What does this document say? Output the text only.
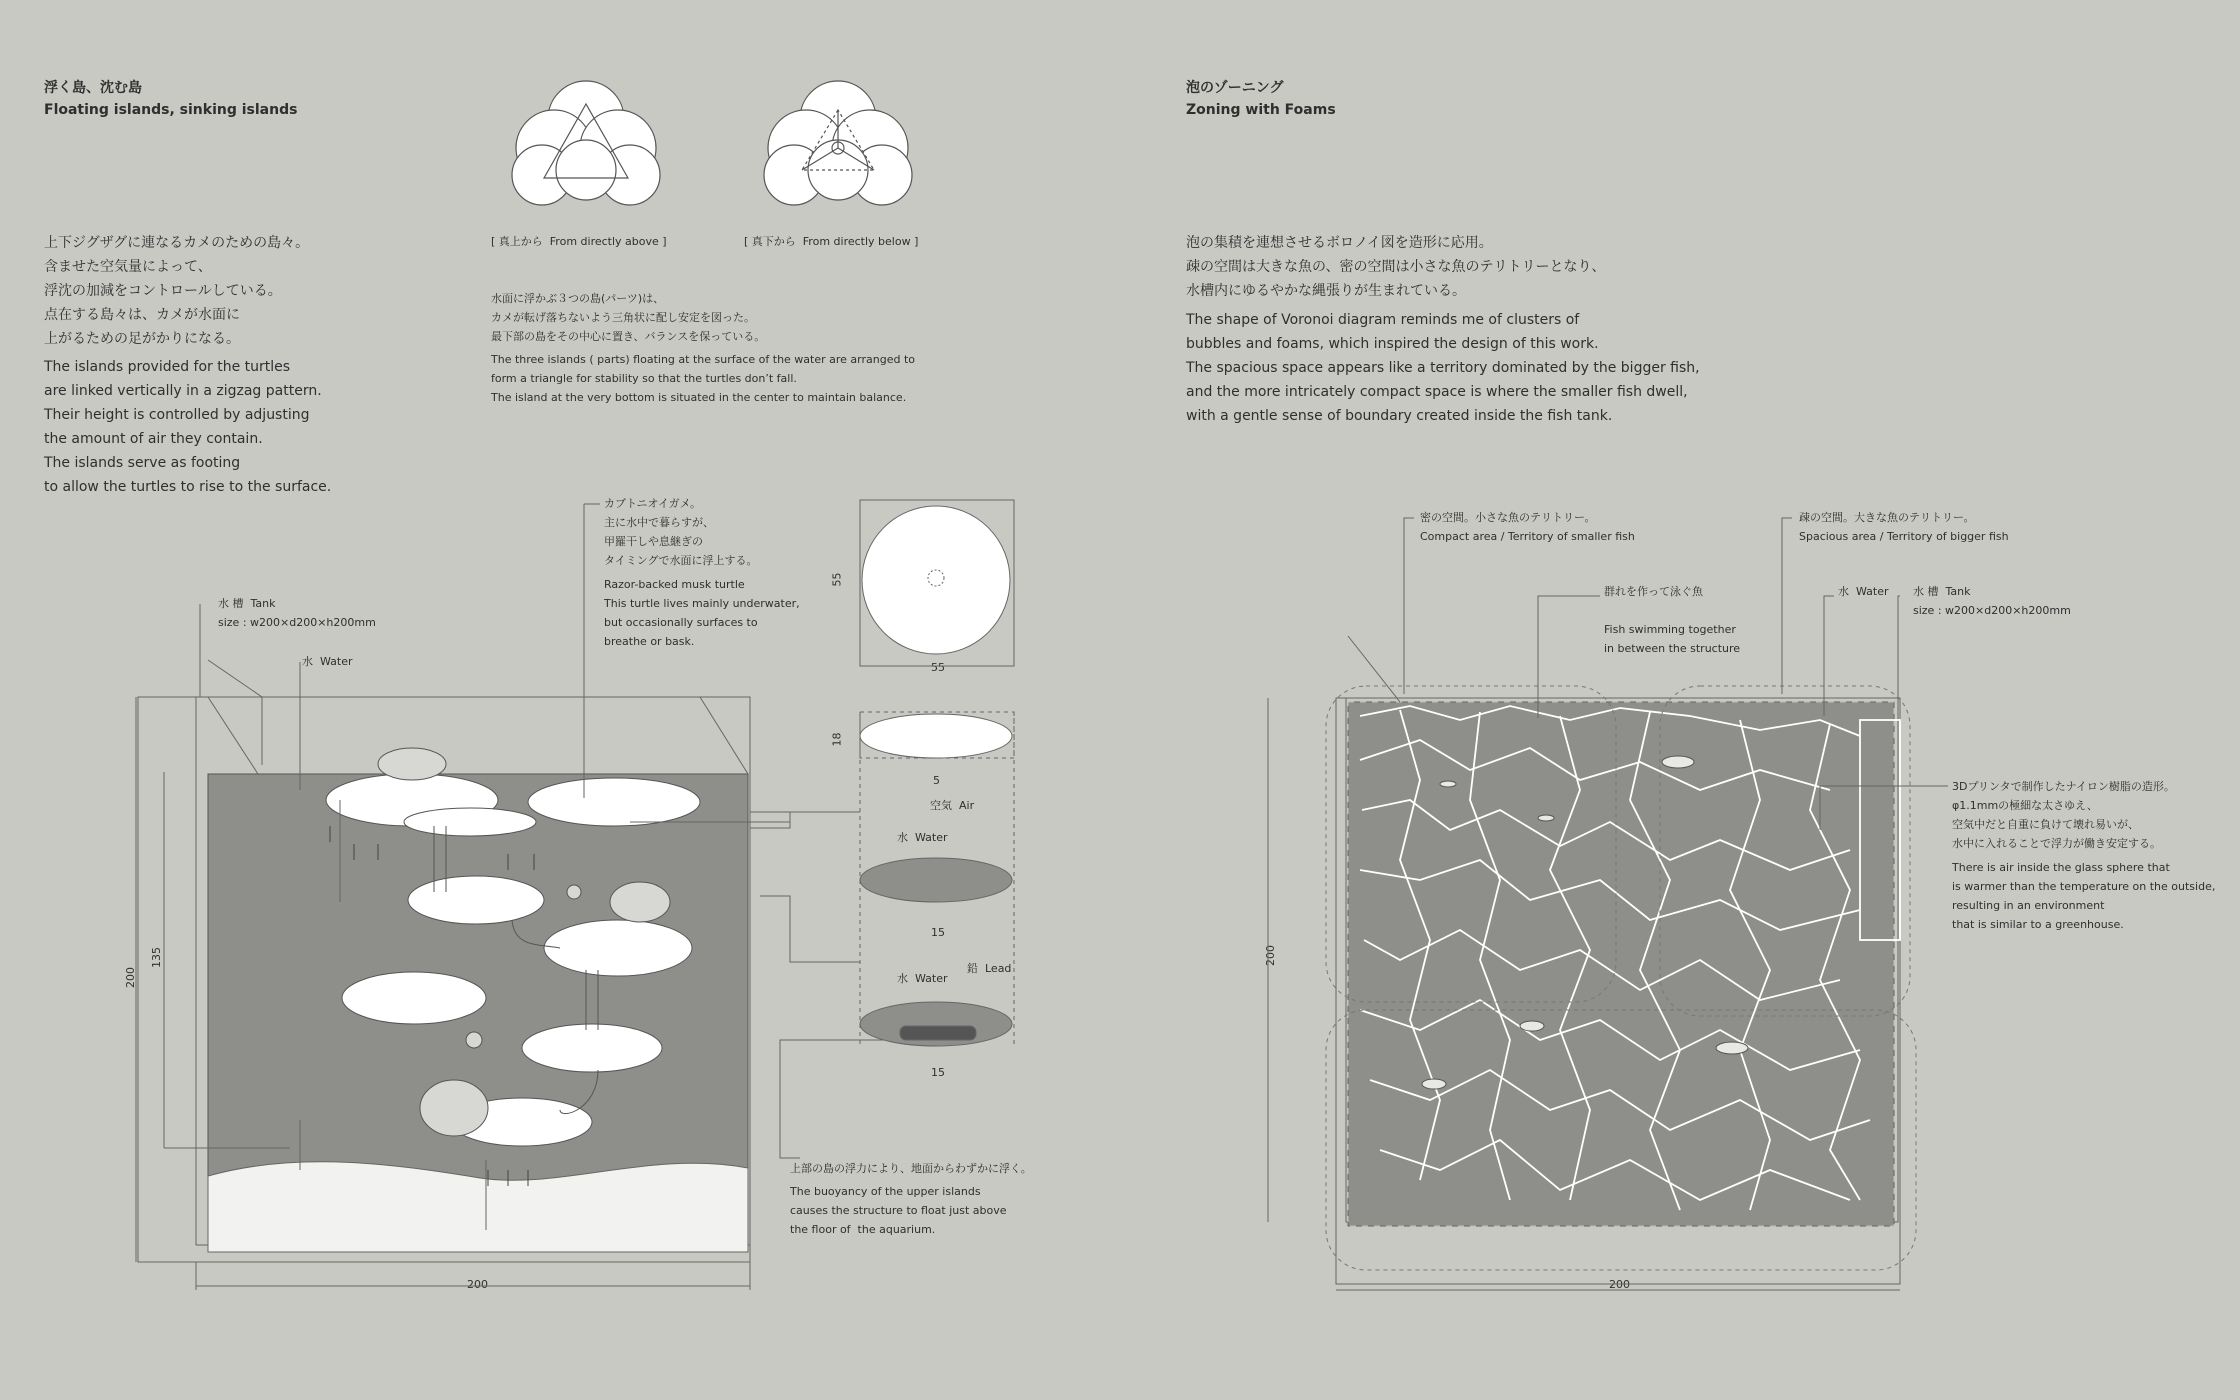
浮く島、沈む島
Floating islands, sinking islands
上下ジグザグに連なるカメのための島々。
含ませた空気量によって、
浮沈の加減をコントロールしている。
点在する島々は、カメが水面に
上がるための足がかりになる。
The islands provided for the turtles
are linked vertically in a zigzag pattern.
Their height is controlled by adjusting
the amount of air they contain.
The islands serve as footing
to allow the turtles to rise to the surface.
[ 真上から  From directly above ]	[ 真下から  From directly below ]
水面に浮かぶ３つの島(パーツ)は、
カメが転げ落ちないよう三角状に配し安定を図った。
最下部の島をその中心に置き、バランスを保っている。
The three islands ( parts) floating at the surface of the water are arranged to
form a triangle for stability so that the turtles don’t fall.
The island at the very bottom is situated in the center to maintain balance.
カブトニオイガメ。
主に水中で暮らすが、
甲羅干しや息継ぎの
タイミングで水面に浮上する。
Razor-backed musk turtle
This turtle lives mainly underwater,
but occasionally surfaces to
breathe or bask.
水 槽  Tank
size : w200×d200×h200mm
水  Water
空気  Air
水  Water
水  Water
鉛  Lead
上部の島の浮力により、地面からわずかに浮く。
The buoyancy of the upper islands
causes the structure to float just above
the floor of  the aquarium.
200
135
200
55
55
18
5
15
15
泡のゾーニング
Zoning with Foams
泡の集積を連想させるボロノイ図を造形に応用。
疎の空間は大きな魚の、密の空間は小さな魚のテリトリーとなり、
水槽内にゆるやかな縄張りが生まれている。
The shape of Voronoi diagram reminds me of clusters of
bubbles and foams, which inspired the design of this work.
The spacious space appears like a territory dominated by the bigger fish,
and the more intricately compact space is where the smaller fish dwell,
with a gentle sense of boundary created inside the fish tank.
密の空間。小さな魚のテリトリー。
Compact area / Territory of smaller fish
疎の空間。大きな魚のテリトリー。
Spacious area / Territory of bigger fish
群れを作って泳ぐ魚

Fish swimming together
in between the structure
水  Water 水 槽  Tank
size : w200×d200×h200mm
3Dプリンタで制作したナイロン樹脂の造形。
φ1.1mmの極細な太さゆえ、
空気中だと自重に負けて壊れ易いが、
水中に入れることで浮力が働き安定する。
There is air inside the glass sphere that
is warmer than the temperature on the outside,
resulting in an environment
that is similar to a greenhouse.
200
200
